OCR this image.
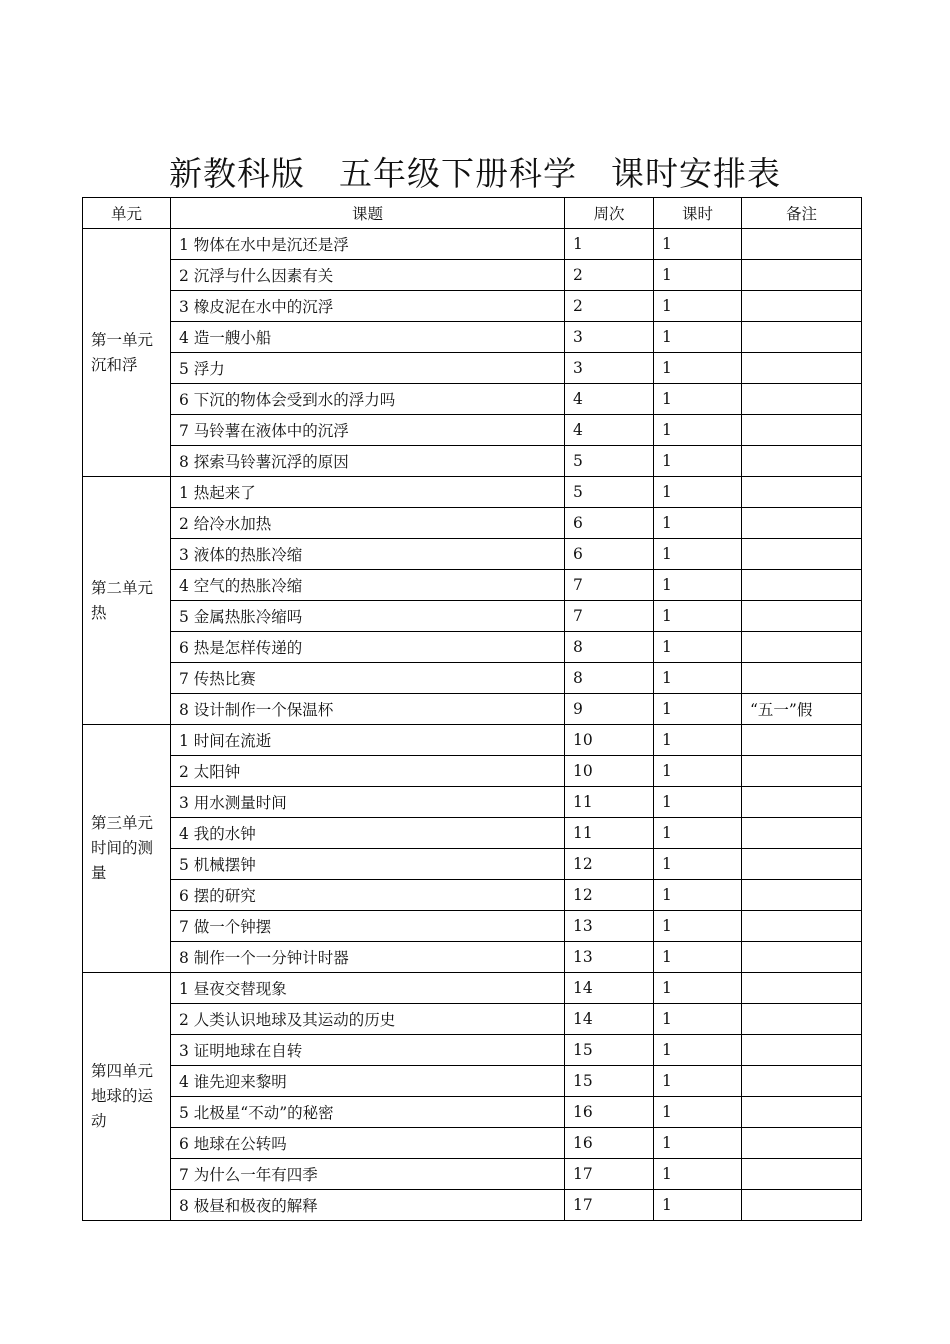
新教科版　五年级下册科学　课时安排表
单元	课题	周次	课时	备注

第一单元
沉和浮	1 物体在水中是沉还是浮	1	1	
	2 沉浮与什么因素有关	2	1	
	3 橡皮泥在水中的沉浮	2	1	
	4 造一艘小船	3	1	
	5 浮力	3	1	
	6 下沉的物体会受到水的浮力吗	4	1	
	7 马铃薯在液体中的沉浮	4	1	
	8 探索马铃薯沉浮的原因	5	1	

第二单元
热	1 热起来了	5	1	
	2 给冷水加热	6	1	
	3 液体的热胀冷缩	6	1	
	4 空气的热胀冷缩	7	1	
	5 金属热胀冷缩吗	7	1	
	6 热是怎样传递的	8	1	
	7 传热比赛	8	1	
	8 设计制作一个保温杯	9	1	“五一”假

第三单元
时间的测
量	1 时间在流逝	10	1	
	2 太阳钟	10	1	
	3 用水测量时间	11	1	
	4 我的水钟	11	1	
	5 机械摆钟	12	1	
	6 摆的研究	12	1	
	7 做一个钟摆	13	1	
	8 制作一个一分钟计时器	13	1	

第四单元
地球的运
动	1 昼夜交替现象	14	1	
	2 人类认识地球及其运动的历史	14	1	
	3 证明地球在自转	15	1	
	4 谁先迎来黎明	15	1	
	5 北极星“不动”的秘密	16	1	
	6 地球在公转吗	16	1	
	7 为什么一年有四季	17	1	
	8 极昼和极夜的解释	17	1	
